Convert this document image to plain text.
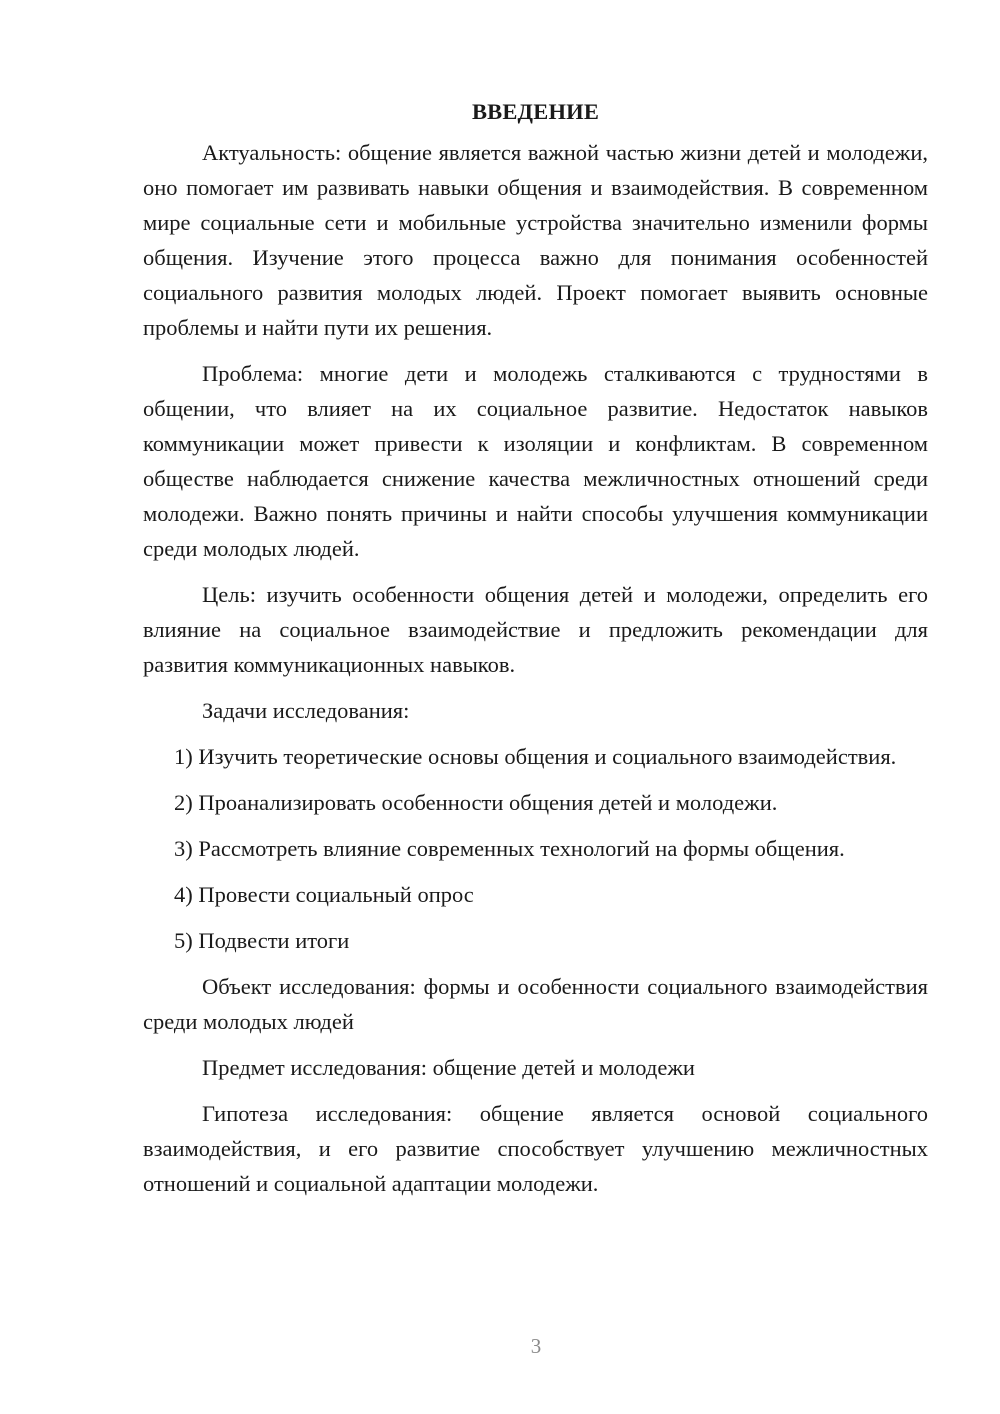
ВВЕДЕНИЕ

Актуальность: общение является важной частью жизни детей и молодежи, оно помогает им развивать навыки общения и взаимодействия. В современном мире социальные сети и мобильные устройства значительно изменили формы общения. Изучение этого процесса важно для понимания особенностей социального развития молодых людей. Проект помогает выявить основные проблемы и найти пути их решения.

Проблема: многие дети и молодежь сталкиваются с трудностями в общении, что влияет на их социальное развитие. Недостаток навыков коммуникации может привести к изоляции и конфликтам. В современном обществе наблюдается снижение качества межличностных отношений среди молодежи. Важно понять причины и найти способы улучшения коммуникации среди молодых людей.

Цель: изучить особенности общения детей и молодежи, определить его влияние на социальное взаимодействие и предложить рекомендации для развития коммуникационных навыков.

Задачи исследования:

1) Изучить теоретические основы общения и социального взаимодействия.

2) Проанализировать особенности общения детей и молодежи.

3) Рассмотреть влияние современных технологий на формы общения.

4) Провести социальный опрос

5) Подвести итоги

Объект исследования: формы и особенности социального взаимодействия среди молодых людей

Предмет исследования: общение детей и молодежи

Гипотеза исследования: общение является основой социального взаимодействия, и его развитие способствует улучшению межличностных отношений и социальной адаптации молодежи.

3
